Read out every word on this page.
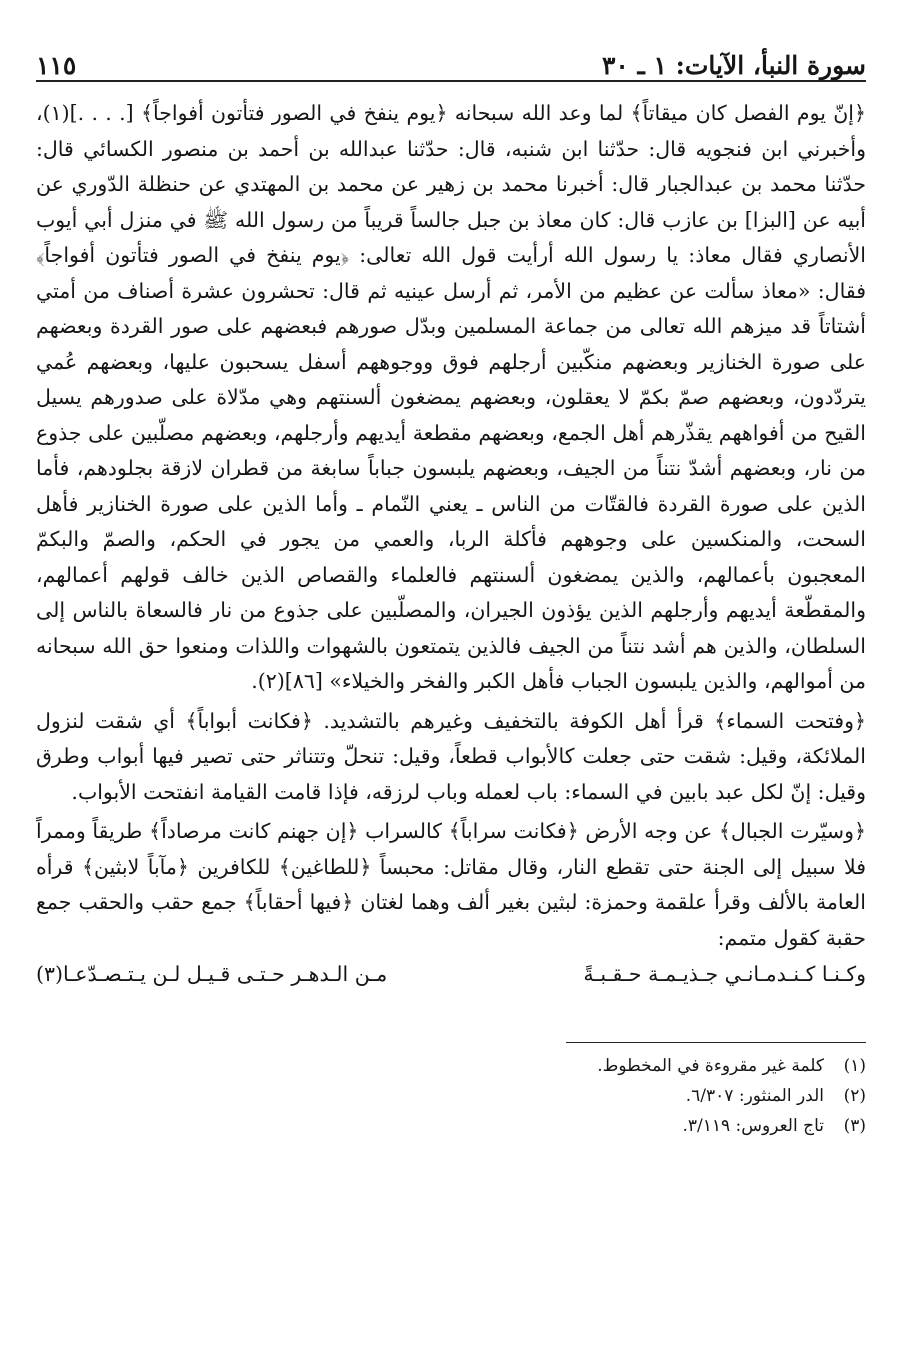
سورة النبأ، الآيات: ١ ـ ٣٠
١١٥

﴿إنّ يوم الفصل كان ميقاتاً﴾ لما وعد الله سبحانه ﴿يوم ينفخ في الصور فتأتون أفواجاً﴾ [. . . .](١)، وأخبرني ابن فنجويه قال: حدّثنا ابن شنبه، قال: حدّثنا عبدالله بن أحمد بن منصور الكسائي قال: حدّثنا محمد بن عبدالجبار قال: أخبرنا محمد بن زهير عن محمد بن المهتدي عن حنظلة الدّوري عن أبيه عن [البزا] بن عازب قال: كان معاذ بن جبل جالساً قريباً من رسول الله ﷺ في منزل أبي أيوب الأنصاري فقال معاذ: يا رسول الله أرأيت قول الله تعالى: ﴿يوم ينفخ في الصور فتأتون أفواجاً﴾ فقال: «معاذ سألت عن عظيم من الأمر، ثم أرسل عينيه ثم قال: تحشرون عشرة أصناف من أمتي أشتاتاً قد ميزهم الله تعالى من جماعة المسلمين وبدّل صورهم فبعضهم على صور القردة وبعضهم على صورة الخنازير وبعضهم منكّبين أرجلهم فوق ووجوههم أسفل يسحبون عليها، وبعضهم عُمي يتردّدون، وبعضهم صمّ بكمّ لا يعقلون، وبعضهم يمضغون ألسنتهم وهي مدّلاة على صدورهم يسيل القيح من أفواههم يقذّرهم أهل الجمع، وبعضهم مقطعة أيديهم وأرجلهم، وبعضهم مصلّبين على جذوع من نار، وبعضهم أشدّ نتناً من الجيف، وبعضهم يلبسون جباباً سابغة من قطران لازقة بجلودهم، فأما الذين على صورة القردة فالقتّات من الناس ـ يعني النّمام ـ وأما الذين على صورة الخنازير فأهل السحت، والمنكسين على وجوههم فأكلة الربا، والعمي من يجور في الحكم، والصمّ والبكمّ المعجبون بأعمالهم، والذين يمضغون ألسنتهم فالعلماء والقصاص الذين خالف قولهم أعمالهم، والمقطّعة أيديهم وأرجلهم الذين يؤذون الجيران، والمصلّبين على جذوع من نار فالسعاة بالناس إلى السلطان، والذين هم أشد نتناً من الجيف فالذين يتمتعون بالشهوات واللذات ومنعوا حق الله سبحانه من أموالهم، والذين يلبسون الجباب فأهل الكبر والفخر والخيلاء» [٨٦](٢).

﴿وفتحت السماء﴾ قرأ أهل الكوفة بالتخفيف وغيرهم بالتشديد. ﴿فكانت أبواباً﴾ أي شقت لنزول الملائكة، وقيل: شقت حتى جعلت كالأبواب قطعاً، وقيل: تنحلّ وتتناثر حتى تصير فيها أبواب وطرق وقيل: إنّ لكل عبد بابين في السماء: باب لعمله وباب لرزقه، فإذا قامت القيامة انفتحت الأبواب.

﴿وسيّرت الجبال﴾ عن وجه الأرض ﴿فكانت سراباً﴾ كالسراب ﴿إن جهنم كانت مرصاداً﴾ طريقاً وممراً فلا سبيل إلى الجنة حتى تقطع النار، وقال مقاتل: محبساً ﴿للطاغين﴾ للكافرين ﴿مآباً لابثين﴾ قرأه العامة بالألف وقرأ علقمة وحمزة: لبثين بغير ألف وهما لغتان ﴿فيها أحقاباً﴾ جمع حقب والحقب جمع حقبة كقول متمم:

وكـنـا كـنـدمـانـي جـذيـمـة حـقـبـةً
مـن الـدهـر حـتـى قـيـل لـن يـتـصـدّعـا(٣)
(١)
كلمة غير مقروءة في المخطوط.
(٢)
الدر المنثور: ٦/٣٠٧.
(٣)
تاج العروس: ٣/١١٩.
